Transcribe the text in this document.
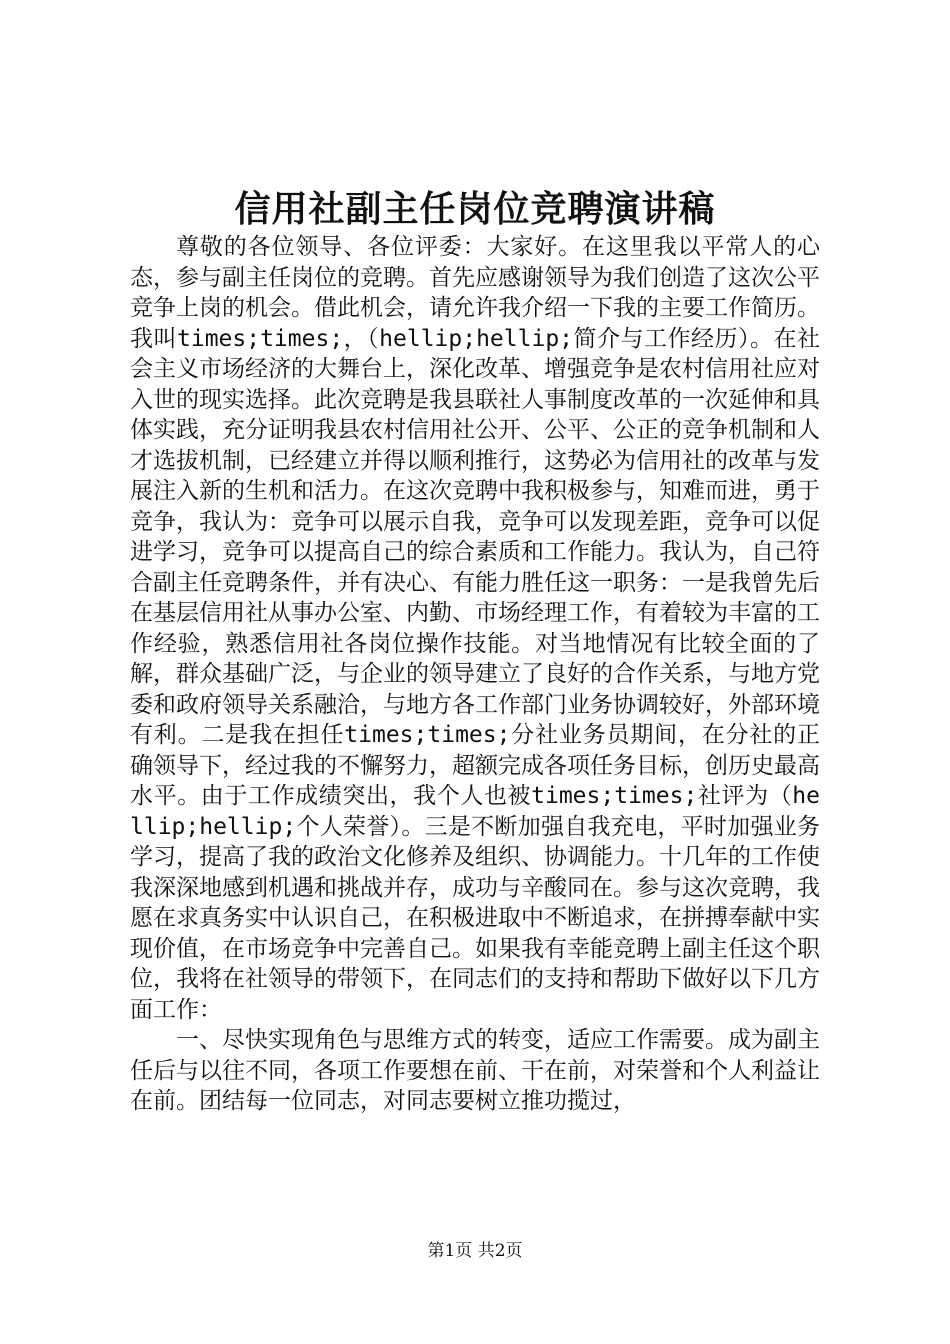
信用社副主任岗位竞聘演讲稿

尊敬的各位领导、各位评委：大家好。在这里我以平常人的心态，参与副主任岗位的竞聘。首先应感谢领导为我们创造了这次公平竞争上岗的机会。借此机会，请允许我介绍一下我的主要工作简历。我叫times;times;，（hellip;hellip;简介与工作经历）。在社会主义市场经济的大舞台上，深化改革、增强竞争是农村信用社应对入世的现实选择。此次竞聘是我县联社人事制度改革的一次延伸和具体实践，充分证明我县农村信用社公开、公平、公正的竞争机制和人才选拔机制，已经建立并得以顺利推行，这势必为信用社的改革与发展注入新的生机和活力。在这次竞聘中我积极参与，知难而进，勇于竞争，我认为：竞争可以展示自我，竞争可以发现差距，竞争可以促进学习，竞争可以提高自己的综合素质和工作能力。我认为，自己符合副主任竞聘条件，并有决心、有能力胜任这一职务：一是我曾先后在基层信用社从事办公室、内勤、市场经理工作，有着较为丰富的工作经验，熟悉信用社各岗位操作技能。对当地情况有比较全面的了解，群众基础广泛，与企业的领导建立了良好的合作关系，与地方党委和政府领导关系融洽，与地方各工作部门业务协调较好，外部环境有利。二是我在担任times;times;分社业务员期间，在分社的正确领导下，经过我的不懈努力，超额完成各项任务目标，创历史最高水平。由于工作成绩突出，我个人也被times;times;社评为（hellip;hellip;个人荣誉）。三是不断加强自我充电，平时加强业务学习，提高了我的政治文化修养及组织、协调能力。十几年的工作使我深深地感到机遇和挑战并存，成功与辛酸同在。参与这次竞聘，我愿在求真务实中认识自己，在积极进取中不断追求，在拼搏奉献中实现价值，在市场竞争中完善自己。如果我有幸能竞聘上副主任这个职位，我将在社领导的带领下，在同志们的支持和帮助下做好以下几方面工作：

一、尽快实现角色与思维方式的转变，适应工作需要。成为副主任后与以往不同，各项工作要想在前、干在前，对荣誉和个人利益让在前。团结每一位同志，对同志要树立推功揽过，

第1页 共2页
